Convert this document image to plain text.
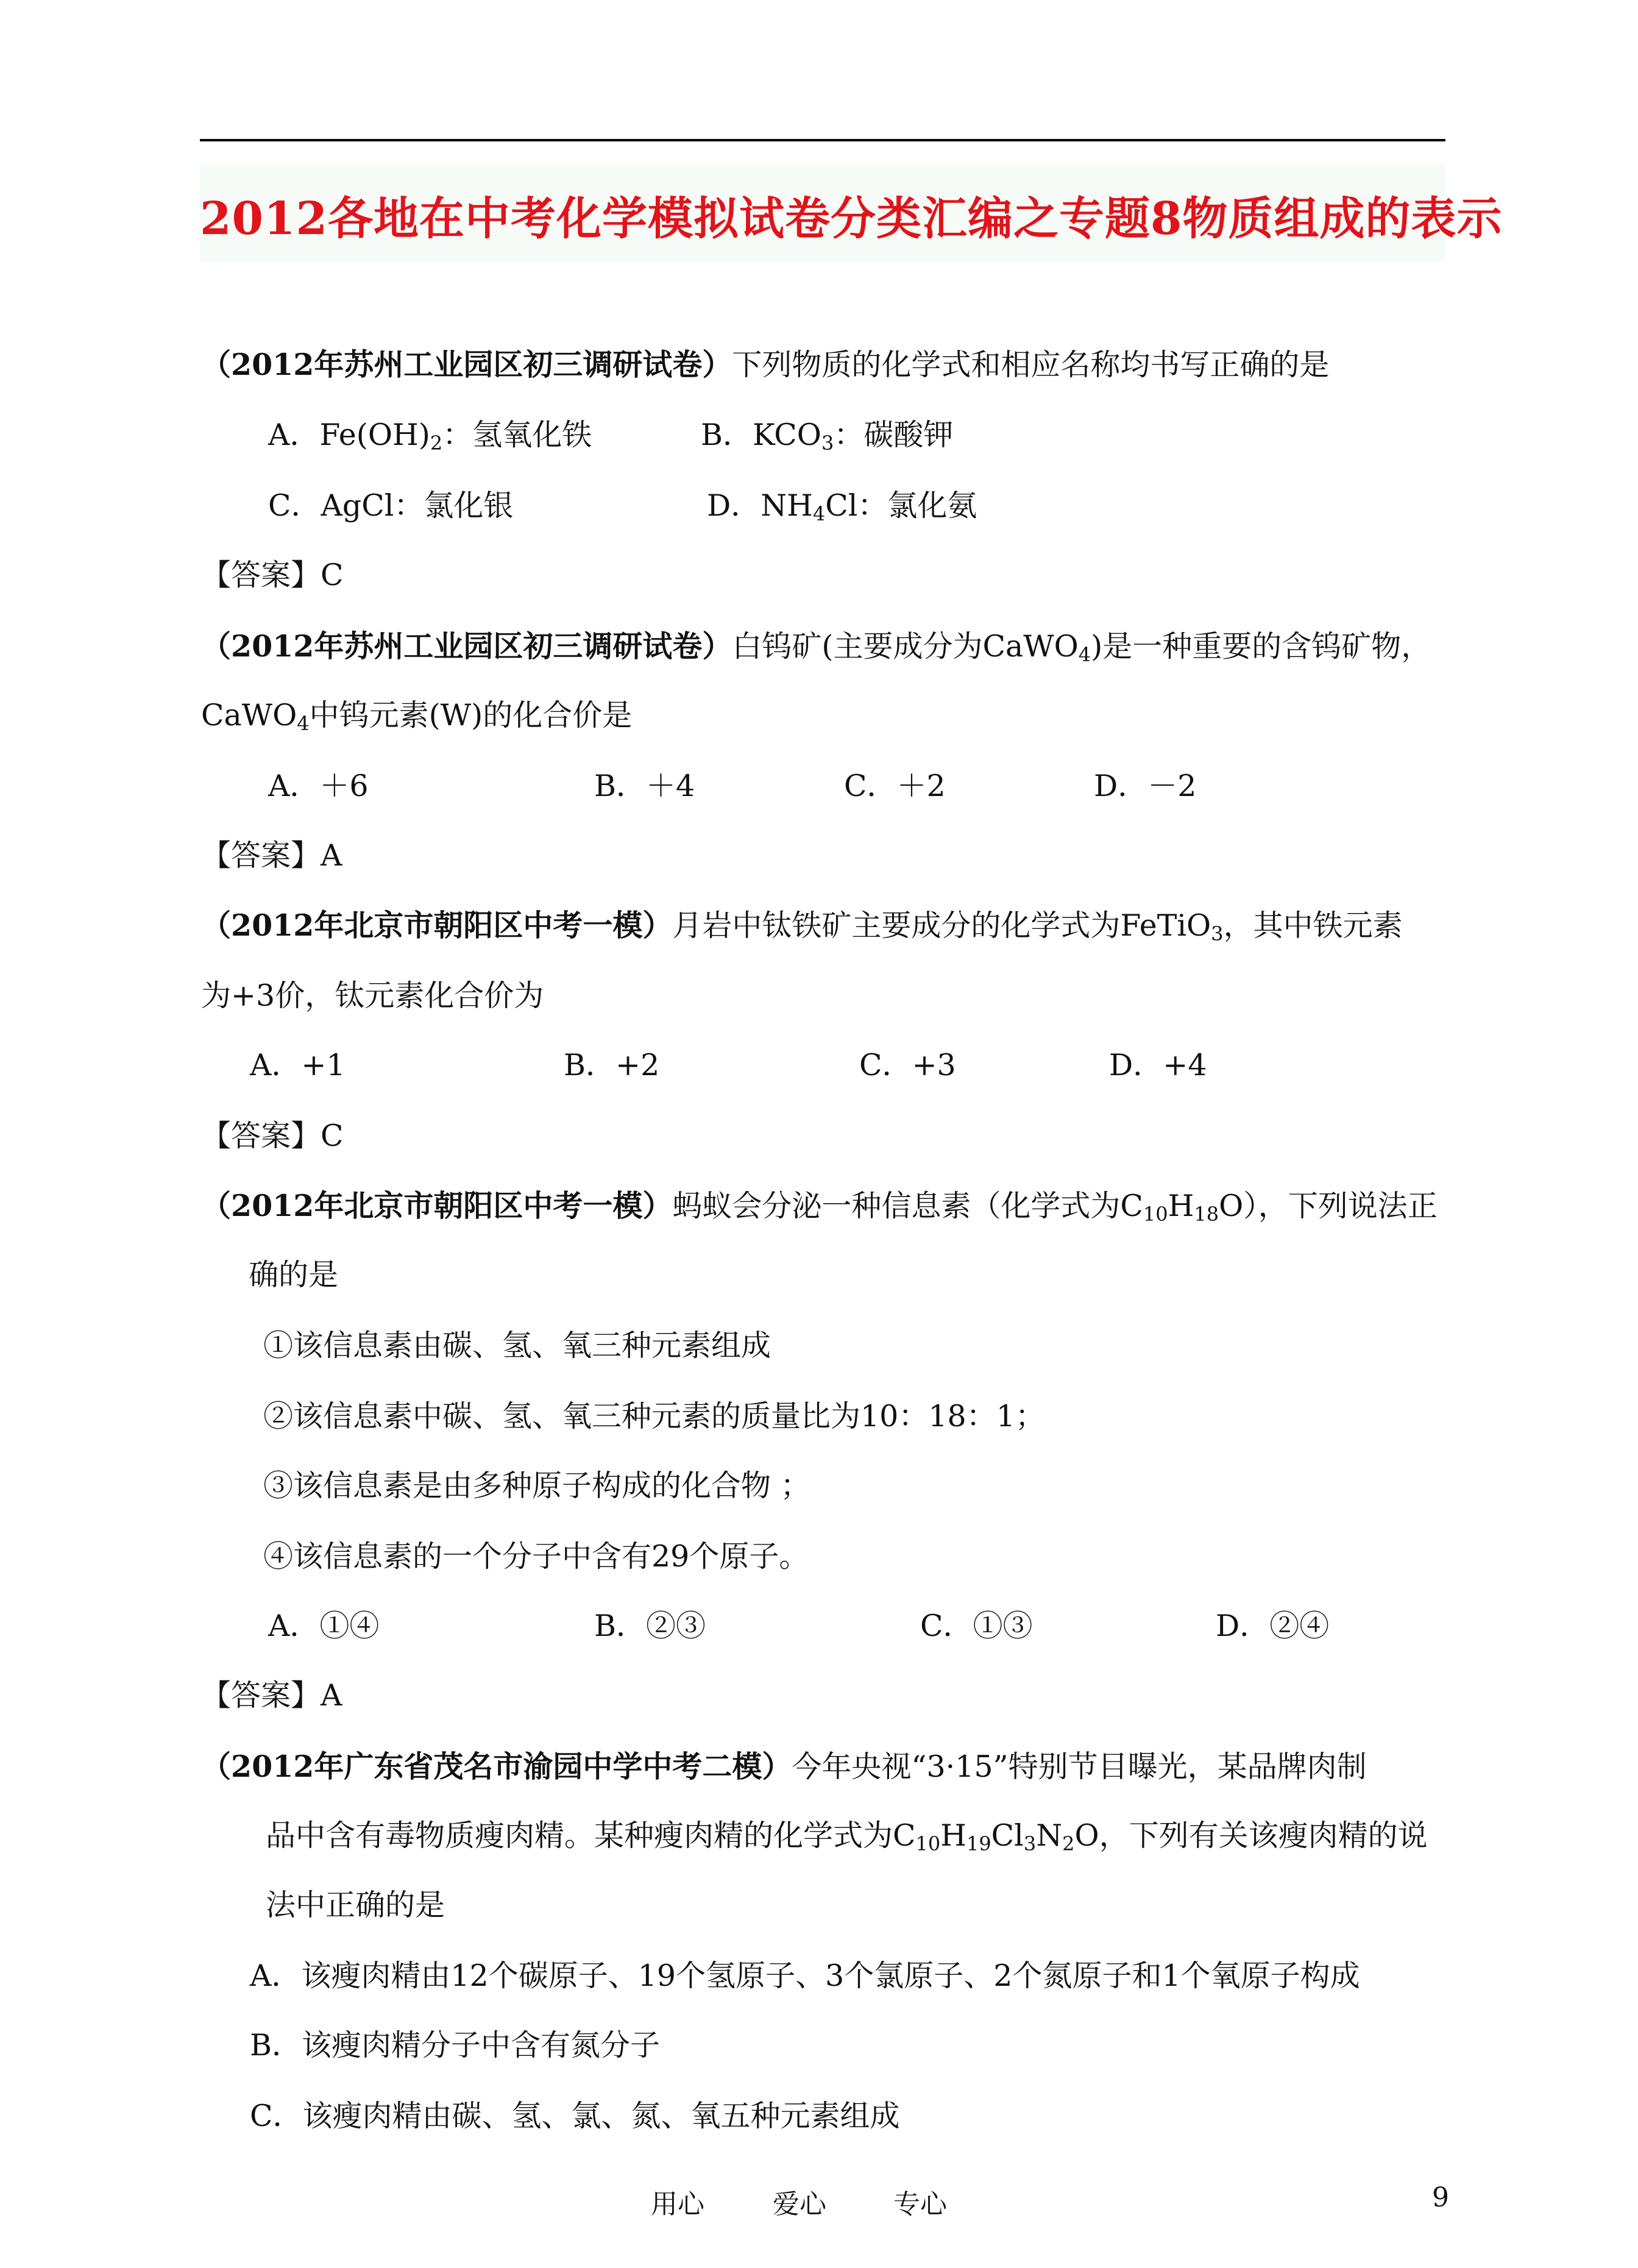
2012各地在中考化学模拟试卷分类汇编之专题8物质组成的表示
（2012年苏州工业园区初三调研试卷）下列物质的化学式和相应名称均书写正确的是
A．$Fe(OH)_2$：氢氧化铁	B．$KCO_3$：碳酸钾
C．AgCl：氯化银	D．$NH_4Cl$：氯化氨
【答案】C
（2012年苏州工业园区初三调研试卷）白钨矿(主要成分为CaWO$_4$)是一种重要的含钨矿物，
CaWO$_4$中钨元素(W)的化合价是
A．＋6	B．＋4	C．＋2	D．－2
【答案】A
（2012年北京市朝阳区中考一模）月岩中钛铁矿主要成分的化学式为FeTiO$_3$，其中铁元素
为+3价，钛元素化合价为
A．+1	B．+2	C．+3	D．+4
【答案】C
（2012年北京市朝阳区中考一模）蚂蚁会分泌一种信息素（化学式为$C_{10}H_{18}O$），下列说法正
确的是
①该信息素由碳、氢、氧三种元素组成
②该信息素中碳、氢、氧三种元素的质量比为10：18：1；
③该信息素是由多种原子构成的化合物 ；
④该信息素的一个分子中含有29个原子。
A．①④	B．②③	C．①③	D．②④
【答案】A
（2012年广东省茂名市渝园中学中考二模）今年央视“3·15”特别节目曝光，某品牌肉制
品中含有毒物质瘦肉精。某种瘦肉精的化学式为$C_{10}H_{19}Cl_3N_2O$，下列有关该瘦肉精的说
法中正确的是
A．该瘦肉精由12个碳原子、19个氢原子、3个氯原子、2个氮原子和1个氧原子构成
B．该瘦肉精分子中含有氮分子
C．该瘦肉精由碳、氢、氯、氮、氧五种元素组成
用心	爱心	专心	9
